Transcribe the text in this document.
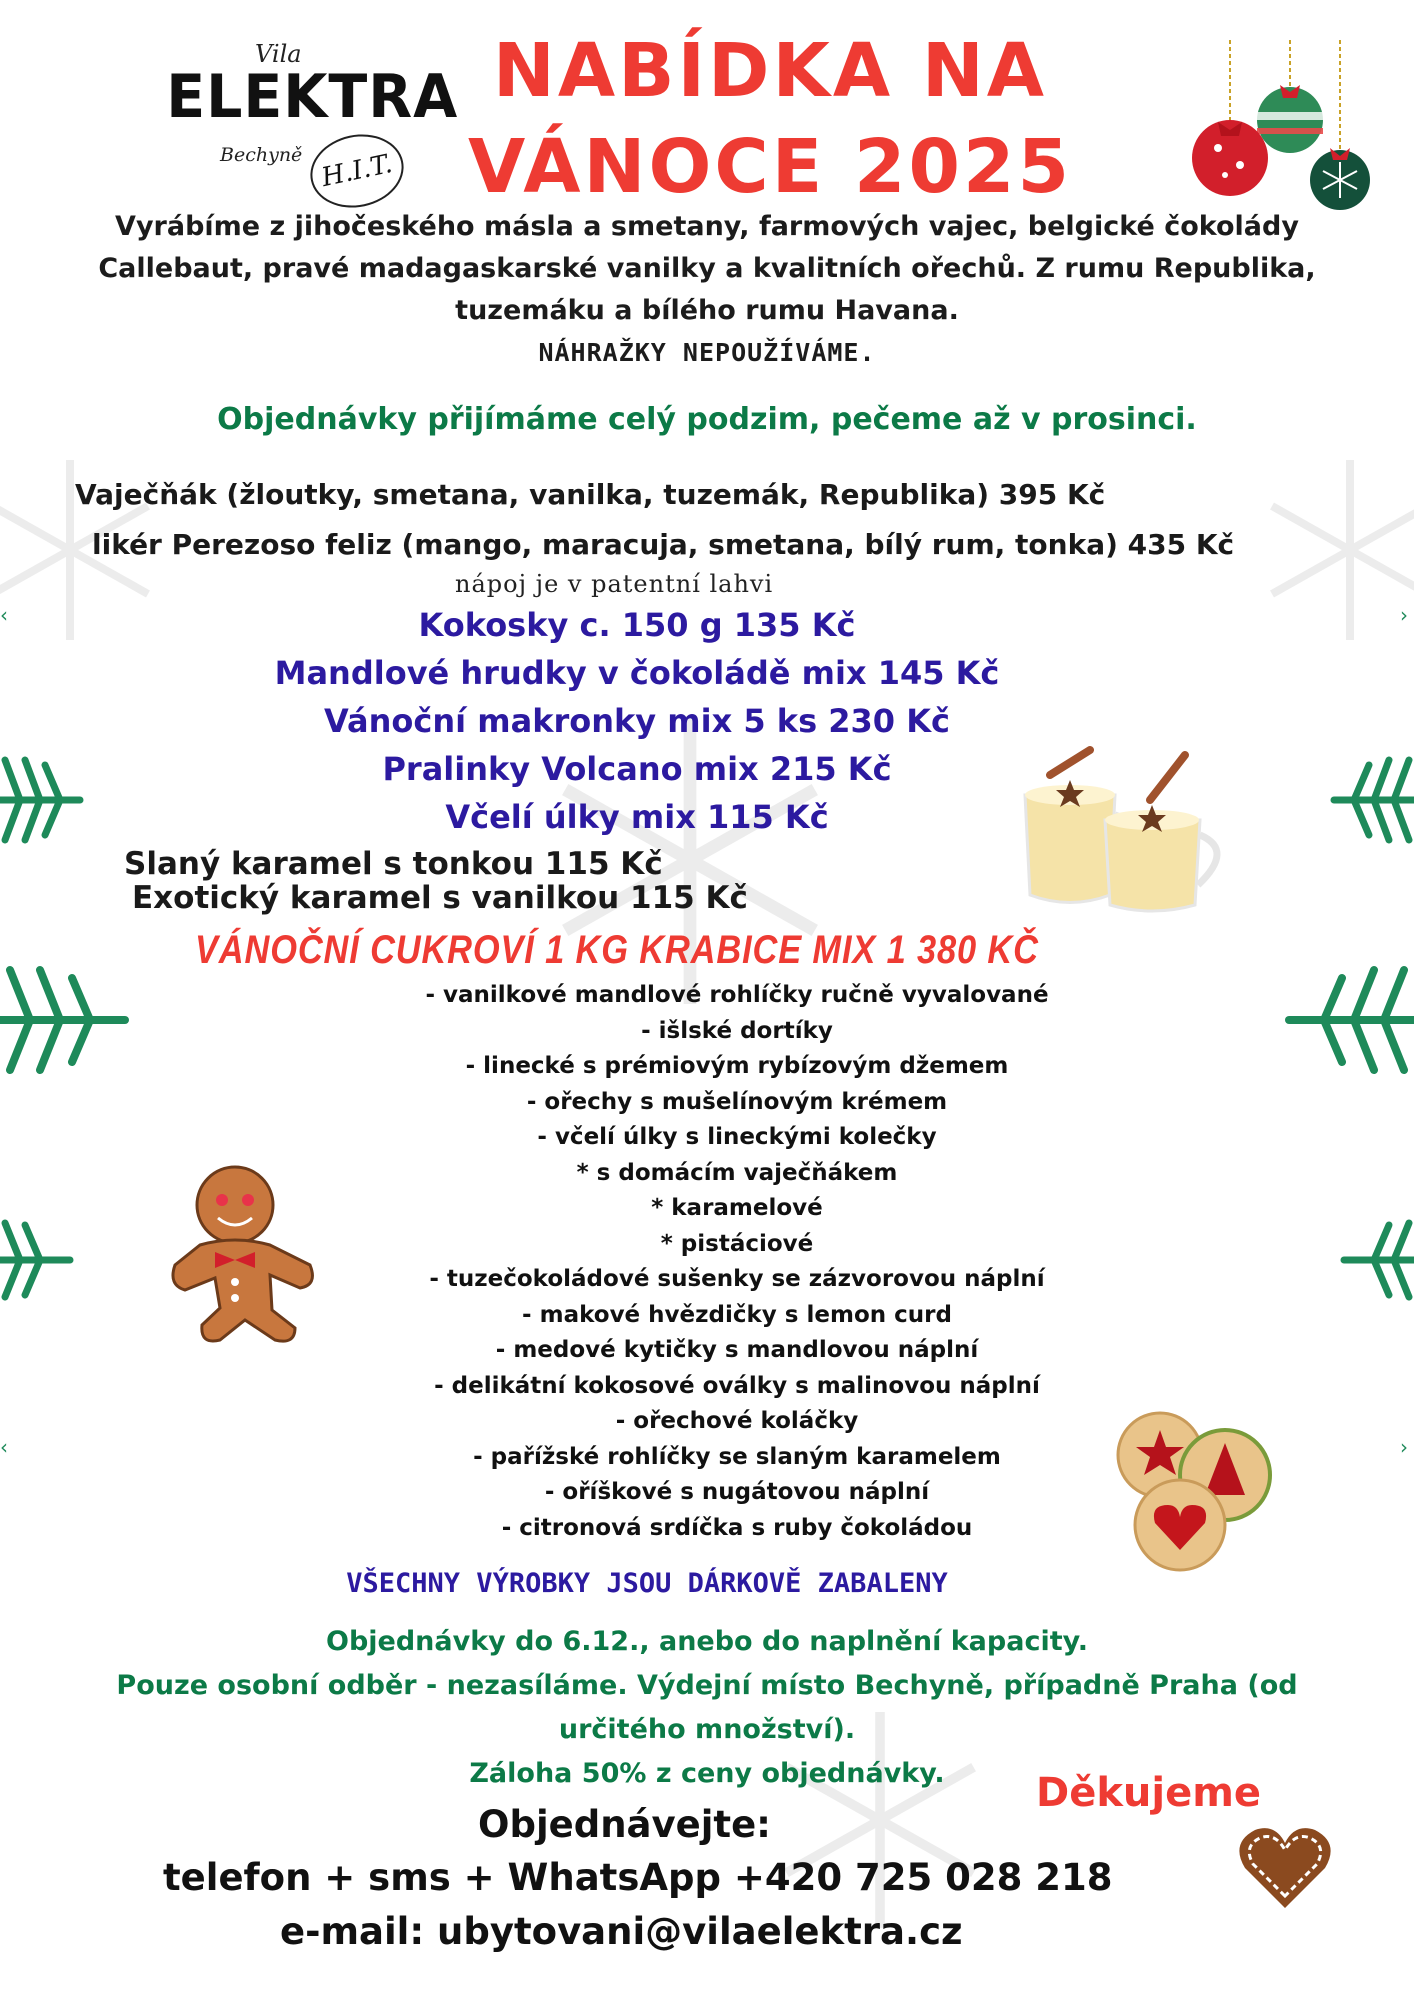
‹	›
‹	›
Vila
ELEKTRA
Bechyně H.I.T.
NABÍDKA NA
VÁNOCE 2025
Vyrábíme z jihočeského másla a smetany, farmových vajec, belgické čokolády
Callebaut, pravé madagaskarské vanilky a kvalitních ořechů. Z rumu Republika,
tuzemáku a bílého rumu Havana.
NÁHRAŽKY NEPOUŽÍVÁME.
Objednávky přijímáme celý podzim, pečeme až v prosinci.
Vaječňák (žloutky, smetana, vanilka, tuzemák, Republika) 395 Kč
likér Perezoso feliz (mango, maracuja, smetana, bílý rum, tonka) 435 Kč
nápoj je v patentní lahvi
Kokosky c. 150 g 135 Kč
Mandlové hrudky v čokoládě mix 145 Kč
Vánoční makronky mix 5 ks 230 Kč
Pralinky Volcano mix 215 Kč
Včelí úlky mix 115 Kč
Slaný karamel s tonkou 115 Kč
Exotický karamel s vanilkou 115 Kč
VÁNOČNÍ CUKROVÍ 1 KG KRABICE MIX 1 380 KČ
- vanilkové mandlové rohlíčky ručně vyvalované
- išlské dortíky
- linecké s prémiovým rybízovým džemem
- ořechy s mušelínovým krémem
- včelí úlky s lineckými kolečky
* s domácím vaječňákem
* karamelové
* pistáciové
- tuzečokoládové sušenky se zázvorovou náplní
- makové hvězdičky s lemon curd
- medové kytičky s mandlovou náplní
- delikátní kokosové oválky s malinovou náplní
- ořechové koláčky
- pařížské rohlíčky se slaným karamelem
- oříškové s nugátovou náplní
- citronová srdíčka s ruby čokoládou
VŠECHNY VÝROBKY JSOU DÁRKOVĚ ZABALENY
Objednávky do 6.12., anebo do naplnění kapacity.
Pouze osobní odběr - nezasíláme. Výdejní místo Bechyně, případně Praha (od
určitého množství).
Záloha 50% z ceny objednávky.	Děkujeme
Objednávejte:
telefon + sms + WhatsApp +420 725 028 218
e-mail: ubytovani@vilaelektra.cz
